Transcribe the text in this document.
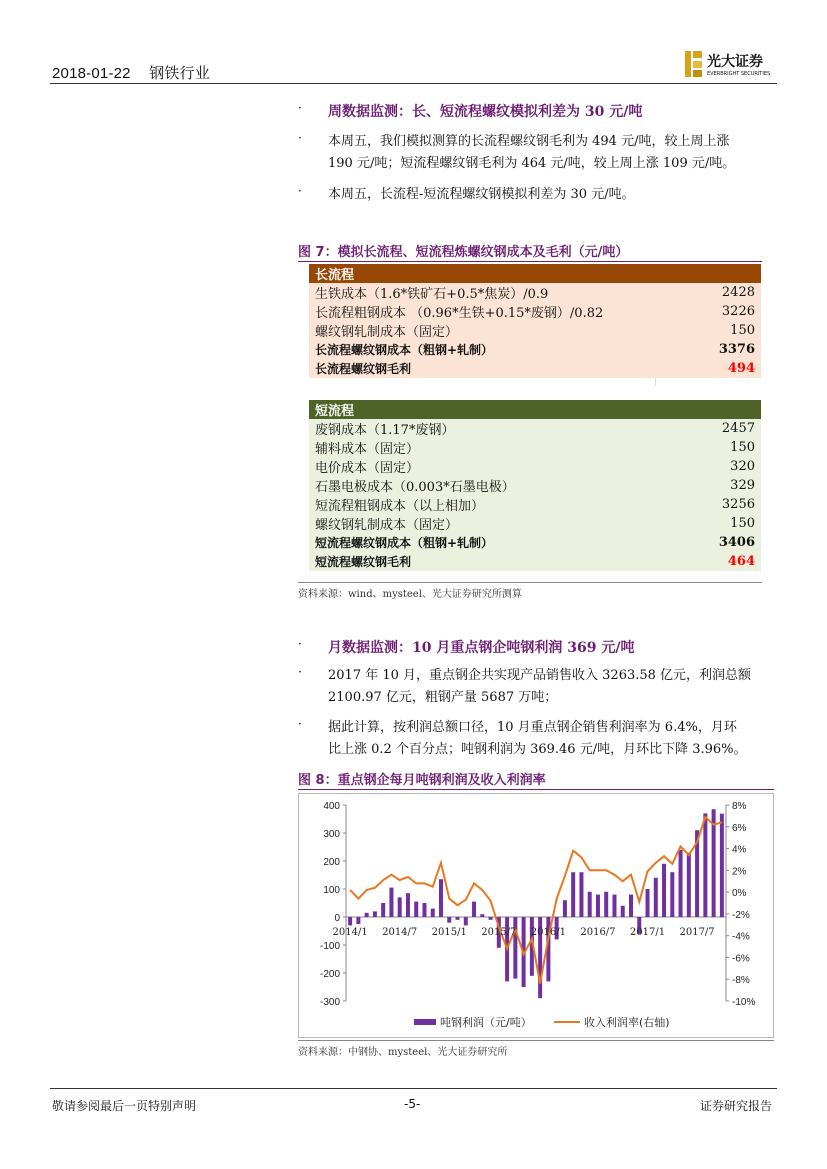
2018-01-22 钢铁行业
光大证券
EVERBRIGHT SECURITIES
· 周数据监测：长、短流程螺纹模拟利差为 30 元/吨
· 本周五，我们模拟测算的长流程螺纹钢毛利为 494 元/吨，较上周上涨
190 元/吨；短流程螺纹钢毛利为 464 元/吨，较上周上涨 109 元/吨。
· 本周五，长流程-短流程螺纹钢模拟利差为 30 元/吨。
图 7：模拟长流程、短流程炼螺纹钢成本及毛利（元/吨）
长流程	
生铁成本（1.6*铁矿石+0.5*焦炭）/0.9	2428
长流程粗钢成本 （0.96*生铁+0.15*废钢）/0.82	3226
螺纹钢轧制成本（固定）	150
长流程螺纹钢成本（粗钢+轧制）	3376
长流程螺纹钢毛利	494
短流程	
废钢成本（1.17*废钢）	2457
辅料成本（固定）	150
电价成本（固定）	320
石墨电极成本（0.003*石墨电极）	329
短流程粗钢成本（以上相加）	3256
螺纹钢轧制成本（固定）	150
短流程螺纹钢成本（粗钢+轧制）	3406
短流程螺纹钢毛利	464
资料来源：wind、mysteel、光大证券研究所测算
· 月数据监测：10 月重点钢企吨钢利润 369 元/吨
· 2017 年 10 月，重点钢企共实现产品销售收入 3263.58 亿元，利润总额
2100.97 亿元，粗钢产量 5687 万吨；
· 据此计算，按利润总额口径，10 月重点钢企销售利润率为 6.4%，月环
比上涨 0.2 个百分点；吨钢利润为 369.46 元/吨，月环比下降 3.96%。
图 8：重点钢企每月吨钢利润及收入利润率
400
300
200
100
0
-100
-200
-300
8%
6%
4%
2%
0%
-2%
-4%
-6%
-8%
-10%
2014/1 2014/7 2015/1 2015/7 2016/1 2016/7 2017/1 2017/7
吨钢利润（元/吨）	收入利润率(右轴)
资料来源：中钢协、mysteel、光大证券研究所
敬请参阅最后一页特别声明	-5-	证券研究报告
